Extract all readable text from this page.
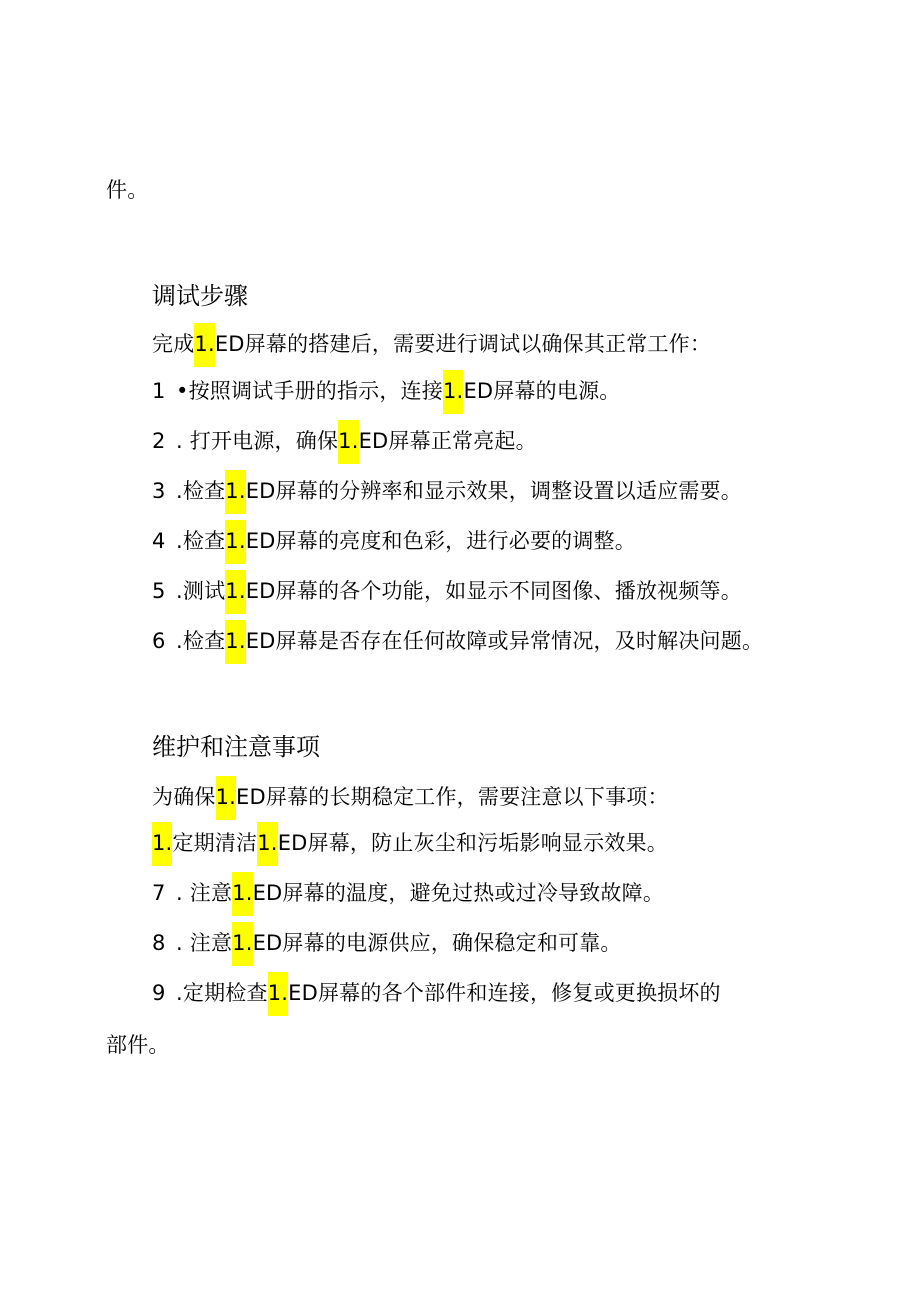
件。
调试步骤
完成1.ED屏幕的搭建后，需要进行调试以确保其正常工作：
1 •按照调试手册的指示，连接1.ED屏幕的电源。
2 . 打开电源，确保1.ED屏幕正常亮起。
3 .检查1.ED屏幕的分辨率和显示效果，调整设置以适应需要。
4 .检查1.ED屏幕的亮度和色彩，进行必要的调整。
5 .测试1.ED屏幕的各个功能，如显示不同图像、播放视频等。
6 .检查1.ED屏幕是否存在任何故障或异常情况，及时解决问题。
维护和注意事项
为确保1.ED屏幕的长期稳定工作，需要注意以下事项：
1.定期清洁1.ED屏幕，防止灰尘和污垢影响显示效果。
7 . 注意1.ED屏幕的温度，避免过热或过冷导致故障。
8 . 注意1.ED屏幕的电源供应，确保稳定和可靠。
9 .定期检查1.ED屏幕的各个部件和连接，修复或更换损坏的
部件。
